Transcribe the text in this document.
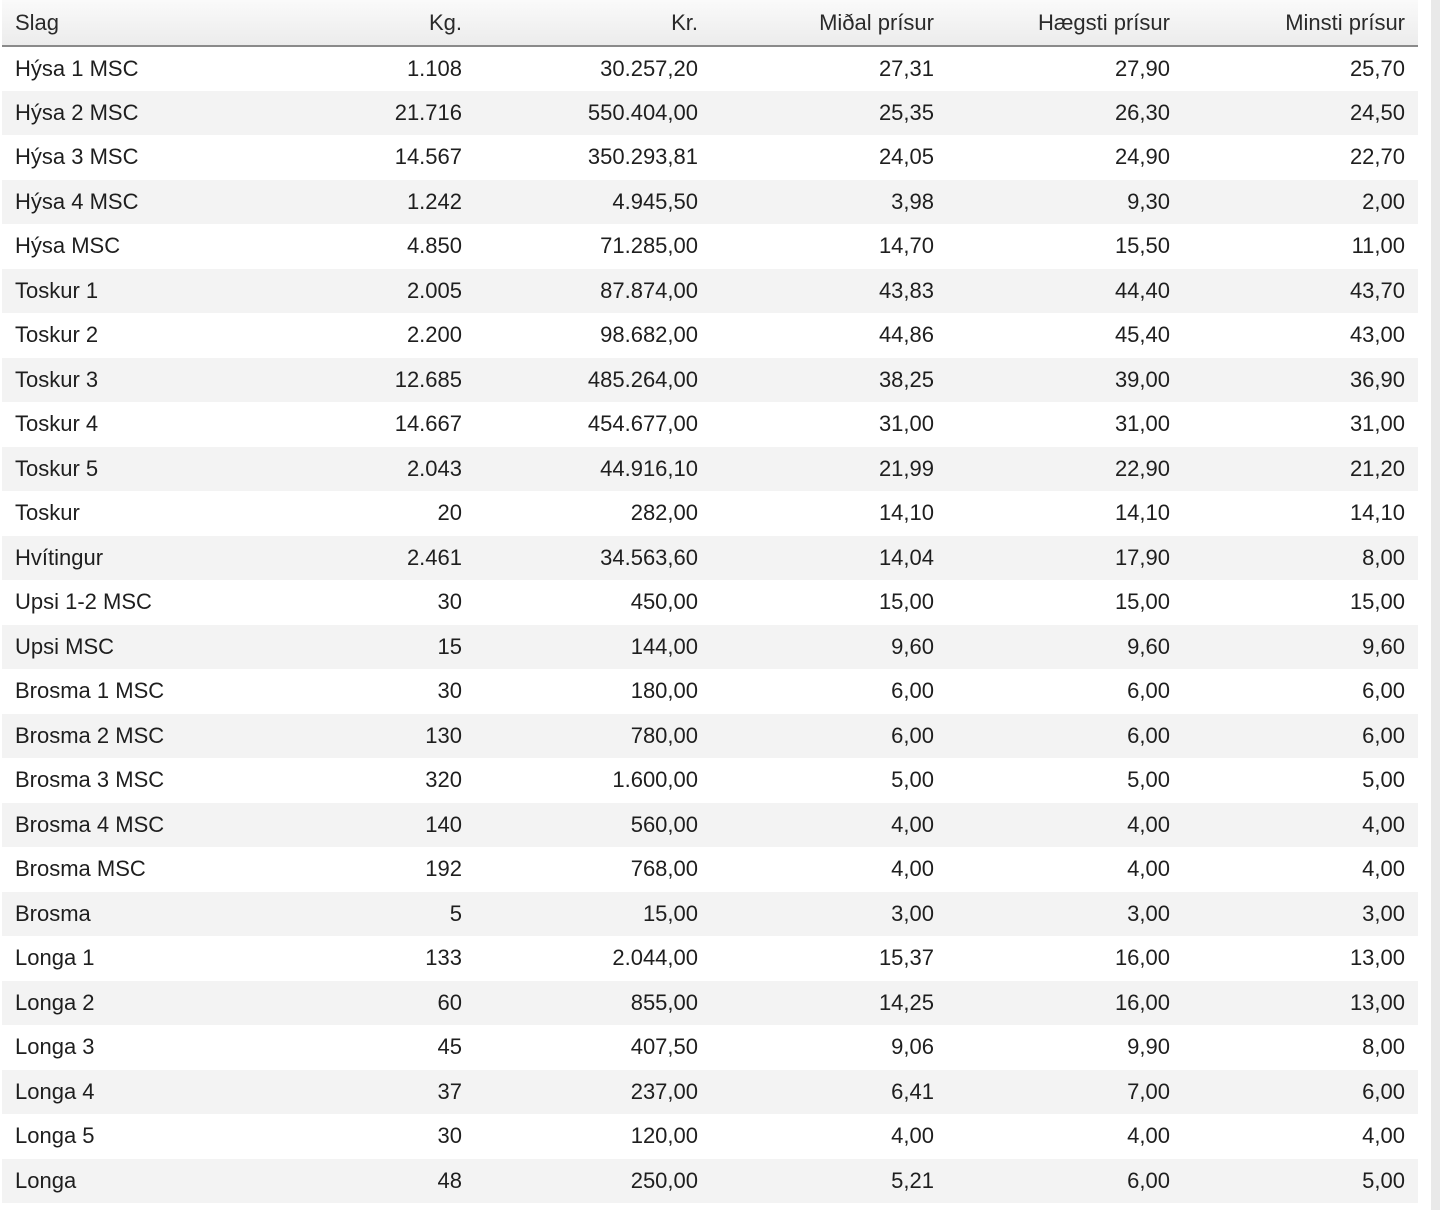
Slag	Kg.	Kr.	Miðal prísur	Hægsti prísur	Minsti prísur
Hýsa 1 MSC	1.108	30.257,20	27,31	27,90	25,70
Hýsa 2 MSC	21.716	550.404,00	25,35	26,30	24,50
Hýsa 3 MSC	14.567	350.293,81	24,05	24,90	22,70
Hýsa 4 MSC	1.242	4.945,50	3,98	9,30	2,00
Hýsa MSC	4.850	71.285,00	14,70	15,50	11,00
Toskur 1	2.005	87.874,00	43,83	44,40	43,70
Toskur 2	2.200	98.682,00	44,86	45,40	43,00
Toskur 3	12.685	485.264,00	38,25	39,00	36,90
Toskur 4	14.667	454.677,00	31,00	31,00	31,00
Toskur 5	2.043	44.916,10	21,99	22,90	21,20
Toskur	20	282,00	14,10	14,10	14,10
Hvítingur	2.461	34.563,60	14,04	17,90	8,00
Upsi 1-2 MSC	30	450,00	15,00	15,00	15,00
Upsi MSC	15	144,00	9,60	9,60	9,60
Brosma 1 MSC	30	180,00	6,00	6,00	6,00
Brosma 2 MSC	130	780,00	6,00	6,00	6,00
Brosma 3 MSC	320	1.600,00	5,00	5,00	5,00
Brosma 4 MSC	140	560,00	4,00	4,00	4,00
Brosma MSC	192	768,00	4,00	4,00	4,00
Brosma	5	15,00	3,00	3,00	3,00
Longa 1	133	2.044,00	15,37	16,00	13,00
Longa 2	60	855,00	14,25	16,00	13,00
Longa 3	45	407,50	9,06	9,90	8,00
Longa 4	37	237,00	6,41	7,00	6,00
Longa 5	30	120,00	4,00	4,00	4,00
Longa	48	250,00	5,21	6,00	5,00
